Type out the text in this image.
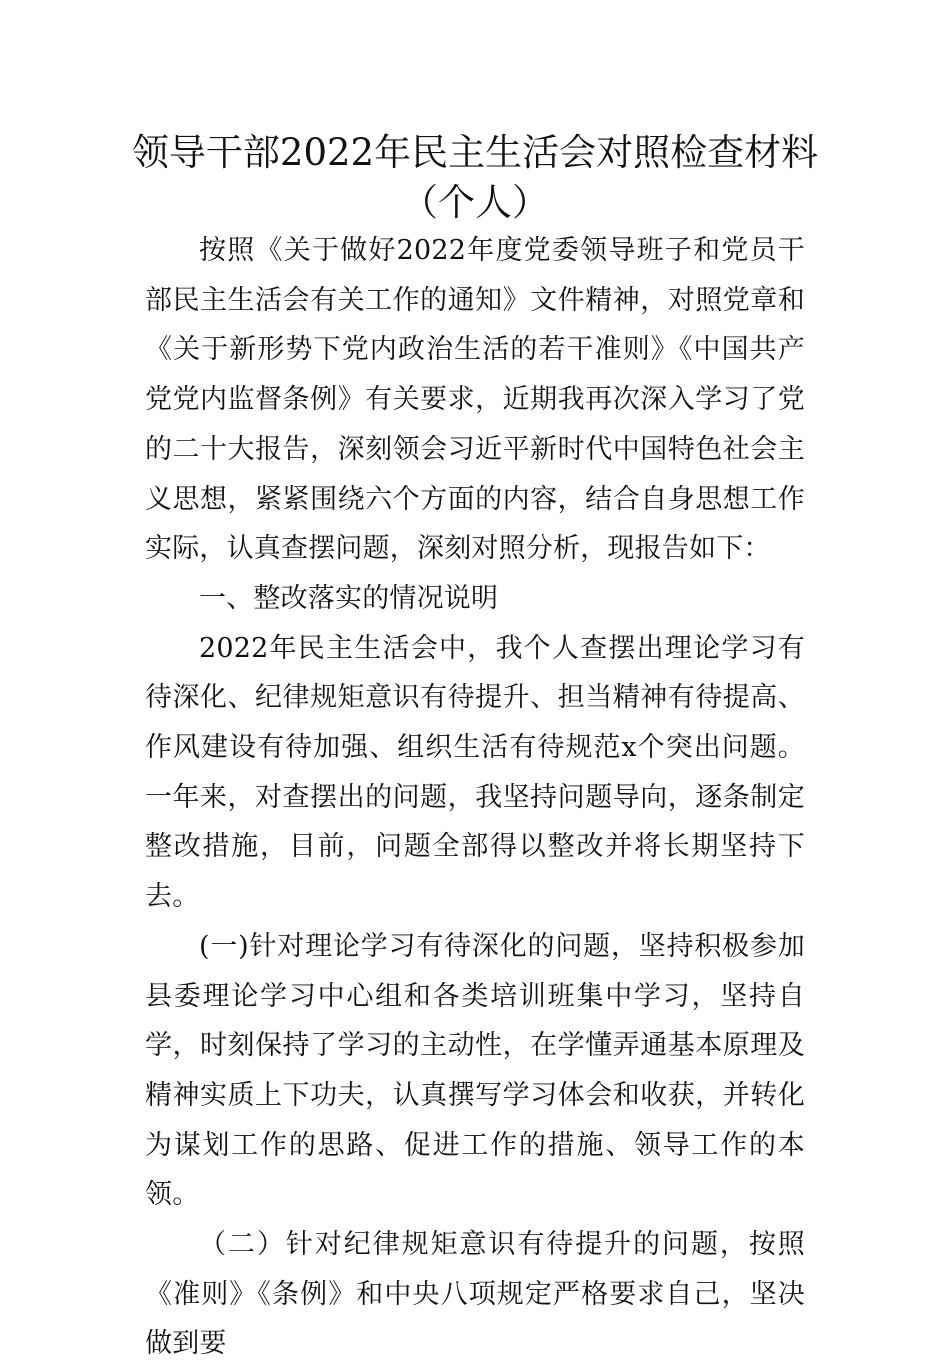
领导干部2022年民主生活会对照检查材料
（个人）

按照《关于做好2022年度党委领导班子和党员干部民主生活会有关工作的通知》文件精神，对照党章和《关于新形势下党内政治生活的若干准则》《中国共产党党内监督条例》有关要求，近期我再次深入学习了党的二十大报告，深刻领会习近平新时代中国特色社会主义思想，紧紧围绕六个方面的内容，结合自身思想工作实际，认真查摆问题，深刻对照分析，现报告如下：

一、整改落实的情况说明

2022年民主生活会中，我个人查摆出理论学习有待深化、纪律规矩意识有待提升、担当精神有待提高、作风建设有待加强、组织生活有待规范x个突出问题。一年来，对查摆出的问题，我坚持问题导向，逐条制定整改措施，目前，问题全部得以整改并将长期坚持下去。

(一)针对理论学习有待深化的问题，坚持积极参加县委理论学习中心组和各类培训班集中学习，坚持自学，时刻保持了学习的主动性，在学懂弄通基本原理及精神实质上下功夫，认真撰写学习体会和收获，并转化为谋划工作的思路、促进工作的措施、领导工作的本领。

（二）针对纪律规矩意识有待提升的问题，按照《准则》《条例》和中央八项规定严格要求自己，坚决做到要
